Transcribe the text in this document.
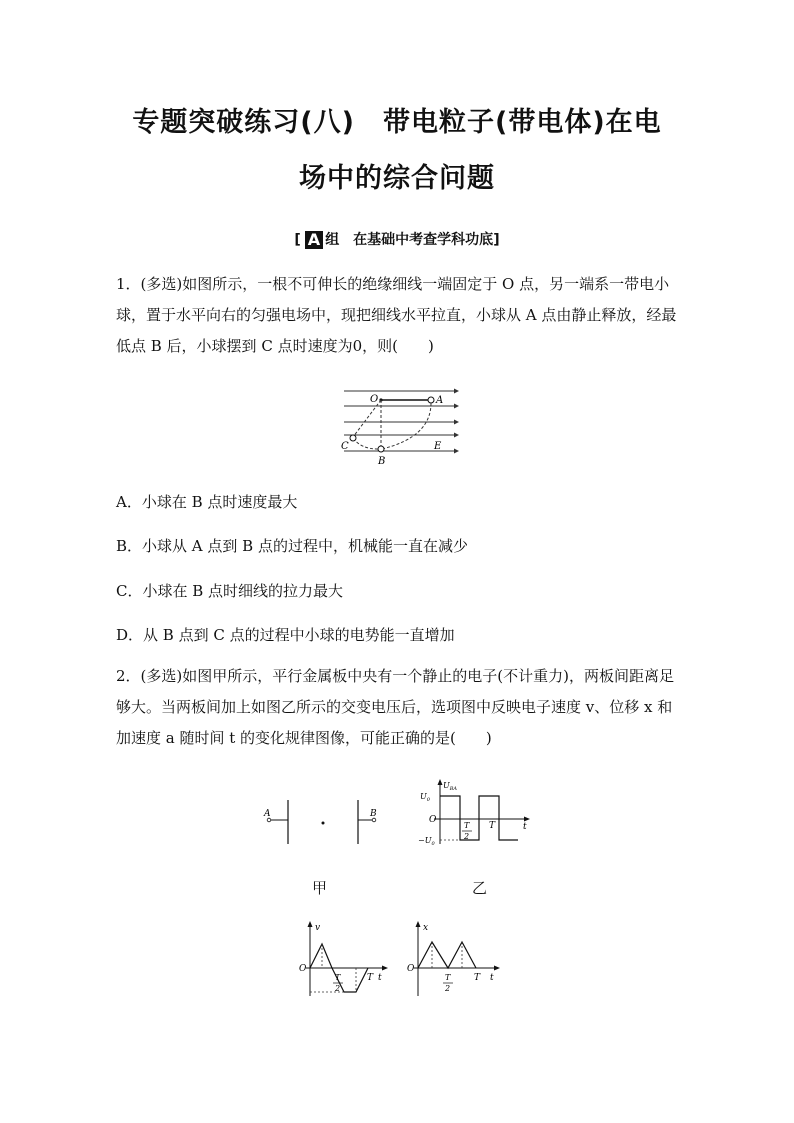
专题突破练习(八)　带电粒子(带电体)在电
场中的综合问题
[ A 组　在基础中考查学科功底]
1．(多选)如图所示，一根不可伸长的绝缘细线一端固定于 O 点，另一端系一带电小球，置于水平向右的匀强电场中，现把细线水平拉直，小球从 A 点由静止释放，经最低点 B 后，小球摆到 C 点时速度为0，则(　　)
O	A
C
B
E
A．小球在 B 点时速度最大
B．小球从 A 点到 B 点的过程中，机械能一直在减少
C．小球在 B 点时细线的拉力最大
D．从 B 点到 C 点的过程中小球的电势能一直增加
2．(多选)如图甲所示，平行金属板中央有一个静止的电子(不计重力)，两板间距离足够大。当两板间加上如图乙所示的交变电压后，选项图中反映电子速度 v、位移 x 和加速度 a 随时间 t 的变化规律图像，可能正确的是(　　)
A	B
甲
$U_{BA}$
$U_0$
O
$-U_0$
T
2
T	t
乙
v
O
T
2
T t
x
O
T
2
T t
